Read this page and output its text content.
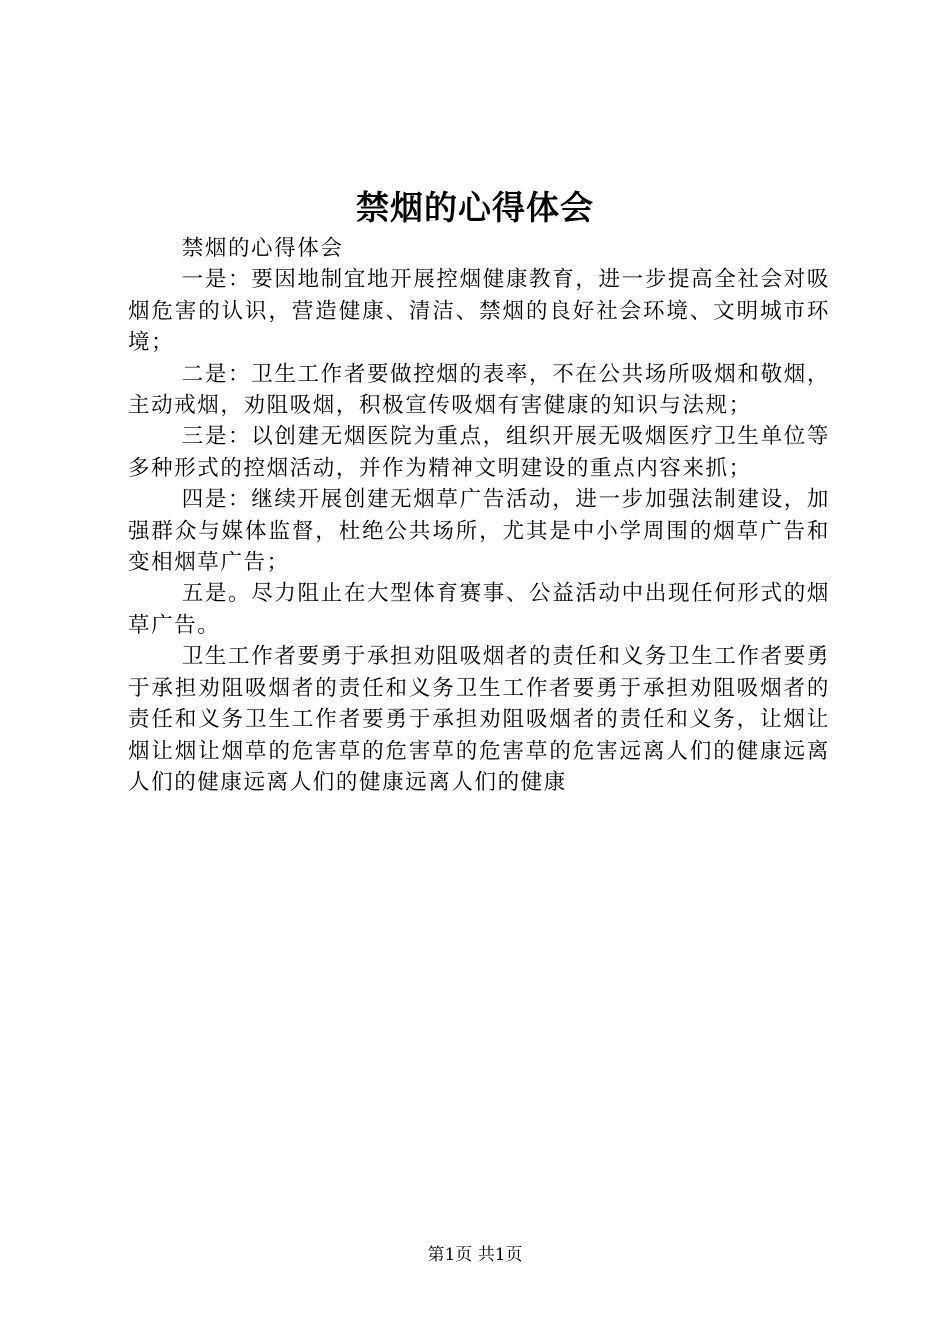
禁烟的心得体会

禁烟的心得体会

一是：要因地制宜地开展控烟健康教育，进一步提高全社会对吸烟危害的认识，营造健康、清洁、禁烟的良好社会环境、文明城市环境；

二是：卫生工作者要做控烟的表率，不在公共场所吸烟和敬烟，主动戒烟，劝阻吸烟，积极宣传吸烟有害健康的知识与法规；

三是：以创建无烟医院为重点，组织开展无吸烟医疗卫生单位等多种形式的控烟活动，并作为精神文明建设的重点内容来抓；

四是：继续开展创建无烟草广告活动，进一步加强法制建设，加强群众与媒体监督，杜绝公共场所，尤其是中小学周围的烟草广告和变相烟草广告；

五是。尽力阻止在大型体育赛事、公益活动中出现任何形式的烟草广告。

卫生工作者要勇于承担劝阻吸烟者的责任和义务卫生工作者要勇于承担劝阻吸烟者的责任和义务卫生工作者要勇于承担劝阻吸烟者的责任和义务卫生工作者要勇于承担劝阻吸烟者的责任和义务，让烟让烟让烟让烟草的危害草的危害草的危害草的危害远离人们的健康远离人们的健康远离人们的健康远离人们的健康

第1页 共1页
